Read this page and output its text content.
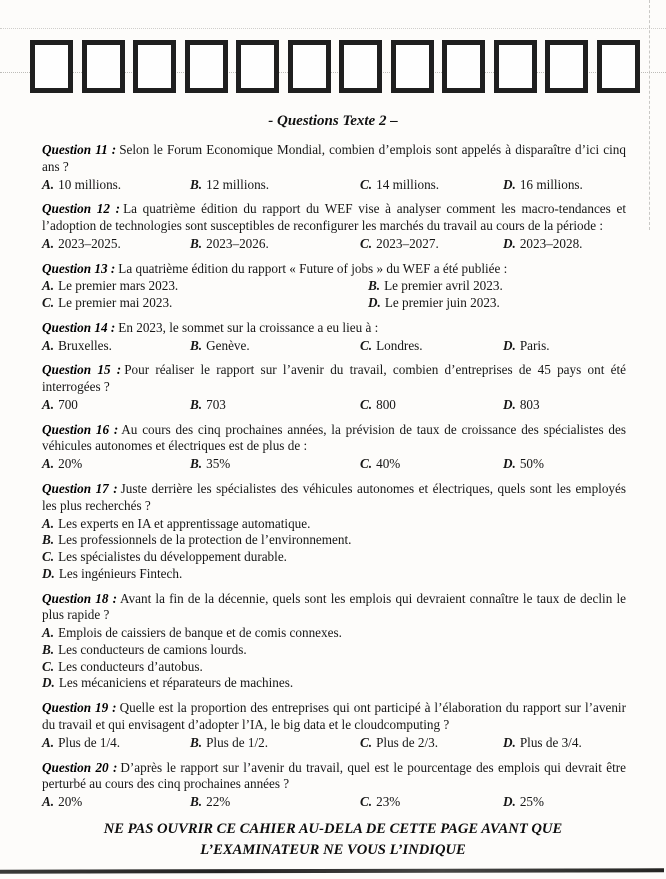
- Questions Texte 2 –

Question 11 : Selon le Forum Economique Mondial, combien d’emplois sont appelés à disparaître d’ici cinq ans ?

A. 10 millions.	B. 12 millions.	C. 14 millions.	D. 16 millions.

Question 12 : La quatrième édition du rapport du WEF vise à analyser comment les macro-tendances et l’adoption de technologies sont susceptibles de reconfigurer les marchés du travail au cours de la période :

A. 2023–2025.	B. 2023–2026.	C. 2023–2027.	D. 2023–2028.

Question 13 : La quatrième édition du rapport « Future of jobs » du WEF a été publiée :

A. Le premier mars 2023.	B. Le premier avril 2023.
C. Le premier mai 2023.	D. Le premier juin 2023.

Question 14 : En 2023, le sommet sur la croissance a eu lieu à :

A. Bruxelles.	B. Genève.	C. Londres.	D. Paris.

Question 15 : Pour réaliser le rapport sur l’avenir du travail, combien d’entreprises de 45 pays ont été interrogées ?

A. 700	B. 703	C. 800	D. 803

Question 16 : Au cours des cinq prochaines années, la prévision de taux de croissance des spécialistes des véhicules autonomes et électriques est de plus de :

A. 20%	B. 35%	C. 40%	D. 50%

Question 17 : Juste derrière les spécialistes des véhicules autonomes et électriques, quels sont les employés les plus recherchés ?

A. Les experts en IA et apprentissage automatique.
B. Les professionnels de la protection de l’environnement.
C. Les spécialistes du développement durable.
D. Les ingénieurs Fintech.

Question 18 : Avant la fin de la décennie, quels sont les emplois qui devraient connaître le taux de declin le plus rapide ?

A. Emplois de caissiers de banque et de comis connexes.
B. Les conducteurs de camions lourds.
C. Les conducteurs d’autobus.
D. Les mécaniciens et réparateurs de machines.

Question 19 : Quelle est la proportion des entreprises qui ont participé à l’élaboration du rapport sur l’avenir du travail et qui envisagent d’adopter l’IA, le big data et le cloudcomputing ?

A. Plus de 1/4.	B. Plus de 1/2.	C. Plus de 2/3.	D. Plus de 3/4.

Question 20 : D’après le rapport sur l’avenir du travail, quel est le pourcentage des emplois qui devrait être perturbé au cours des cinq prochaines années ?

A. 20%	B. 22%	C. 23%	D. 25%
NE PAS OUVRIR CE CAHIER AU-DELA DE CETTE PAGE AVANT QUE
L’EXAMINATEUR NE VOUS L’INDIQUE
